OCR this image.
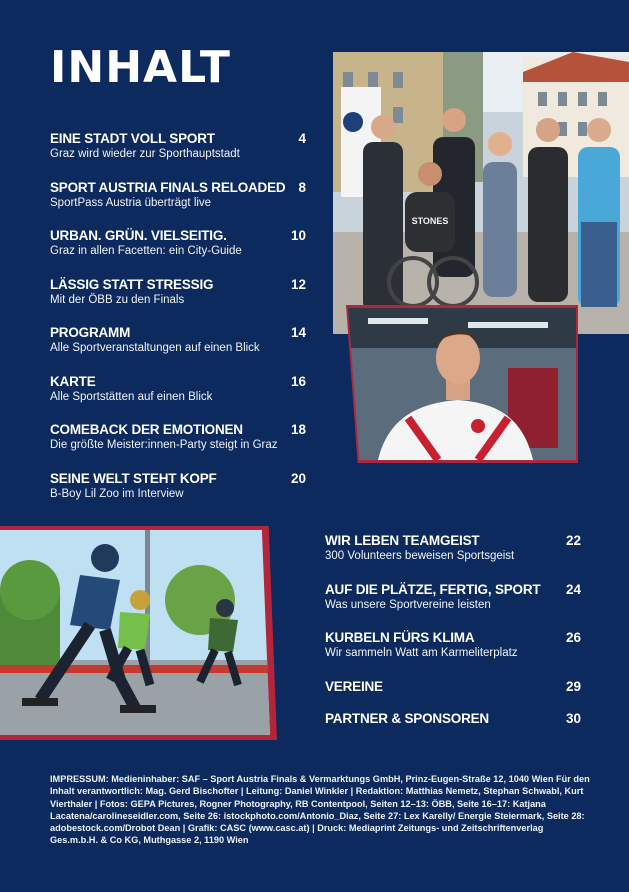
INHALT
EINE STADT VOLL SPORT	4
Graz wird wieder zur Sporthauptstadt
SPORT AUSTRIA FINALS RELOADED 8
SportPass Austria überträgt live
URBAN. GRÜN. VIELSEITIG.	10
Graz in allen Facetten: ein City-Guide
LÄSSIG STATT STRESSIG	12
Mit der ÖBB zu den Finals
PROGRAMM	14
Alle Sportveranstaltungen auf einen Blick
KARTE	16
Alle Sportstätten auf einen Blick
COMEBACK DER EMOTIONEN	18
Die größte Meister:innen-Party steigt in Graz
SEINE WELT STEHT KOPF	20
B-Boy Lil Zoo im Interview
STONES
WIR LEBEN TEAMGEIST	22
300 Volunteers beweisen Sportsgeist
AUF DIE PLÄTZE, FERTIG, SPORT 24
Was unsere Sportvereine leisten
KURBELN FÜRS KLIMA	26
Wir sammeln Watt am Karmeliterplatz
VEREINE	29
PARTNER & SPONSOREN	30
IMPRESSUM: Medieninhaber: SAF – Sport Austria Finals & Vermarktungs GmbH, Prinz-Eugen-Straße 12, 1040 Wien Für den Inhalt verantwortlich: Mag. Gerd Bischofter | Leitung: Daniel Winkler | Redaktion: Matthias Nemetz, Stephan Schwabl, Kurt Vierthaler | Fotos: GEPA Pictures, Rogner Photography, RB Contentpool, Seiten 12–13: ÖBB, Seite 16–17: Katjana Lacatena/carolineseidler.com, Seite 26: istockphoto.com/Antonio_Diaz, Seite 27: Lex Karelly/ Energie Steiermark, Seite 28: adobestock.com/Drobot Dean | Grafik: CASC (www.casc.at) | Druck: Mediaprint Zeitungs- und Zeitschriftenverlag Ges.m.b.H. & Co KG, Muthgasse 2, 1190 Wien
